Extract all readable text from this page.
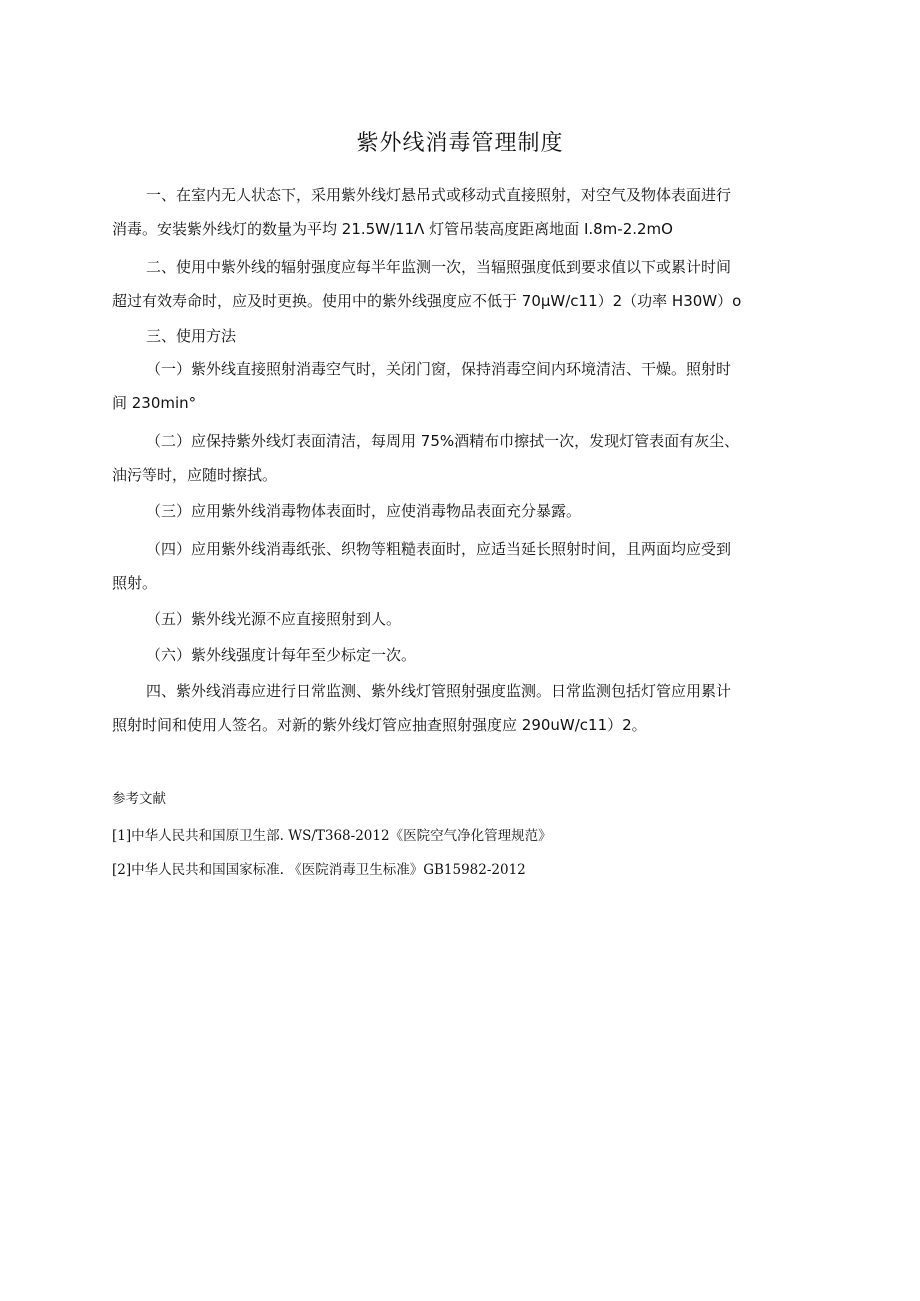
紫外线消毒管理制度
一、在室内无人状态下，采用紫外线灯悬吊式或移动式直接照射，对空气及物体表面进行
消毒。安装紫外线灯的数量为平均 21.5W/11Λ 灯管吊装高度距离地面 I.8m-2.2mO
二、使用中紫外线的辐射强度应每半年监测一次，当辐照强度低到要求值以下或累计时间
超过有效寿命时，应及时更换。使用中的紫外线强度应不低于 70μW/c11）2（功率 H30W）o
三、使用方法
（一）紫外线直接照射消毒空气时，关闭门窗，保持消毒空间内环境清洁、干燥。照射时
间 230min°
（二）应保持紫外线灯表面清洁，每周用 75%酒精布巾擦拭一次，发现灯管表面有灰尘、
油污等时，应随时擦拭。
（三）应用紫外线消毒物体表面时，应使消毒物品表面充分暴露。
（四）应用紫外线消毒纸张、织物等粗糙表面时，应适当延长照射时间，且两面均应受到
照射。
（五）紫外线光源不应直接照射到人。
（六）紫外线强度计每年至少标定一次。
四、紫外线消毒应进行日常监测、紫外线灯管照射强度监测。日常监测包括灯管应用累计
照射时间和使用人签名。对新的紫外线灯管应抽查照射强度应 290uW/c11）2。
参考文献
[1]中华人民共和国原卫生部. WS/T368-2012《医院空气净化管理规范》
[2]中华人民共和国国家标准. 《医院消毒卫生标准》GB15982-2012
